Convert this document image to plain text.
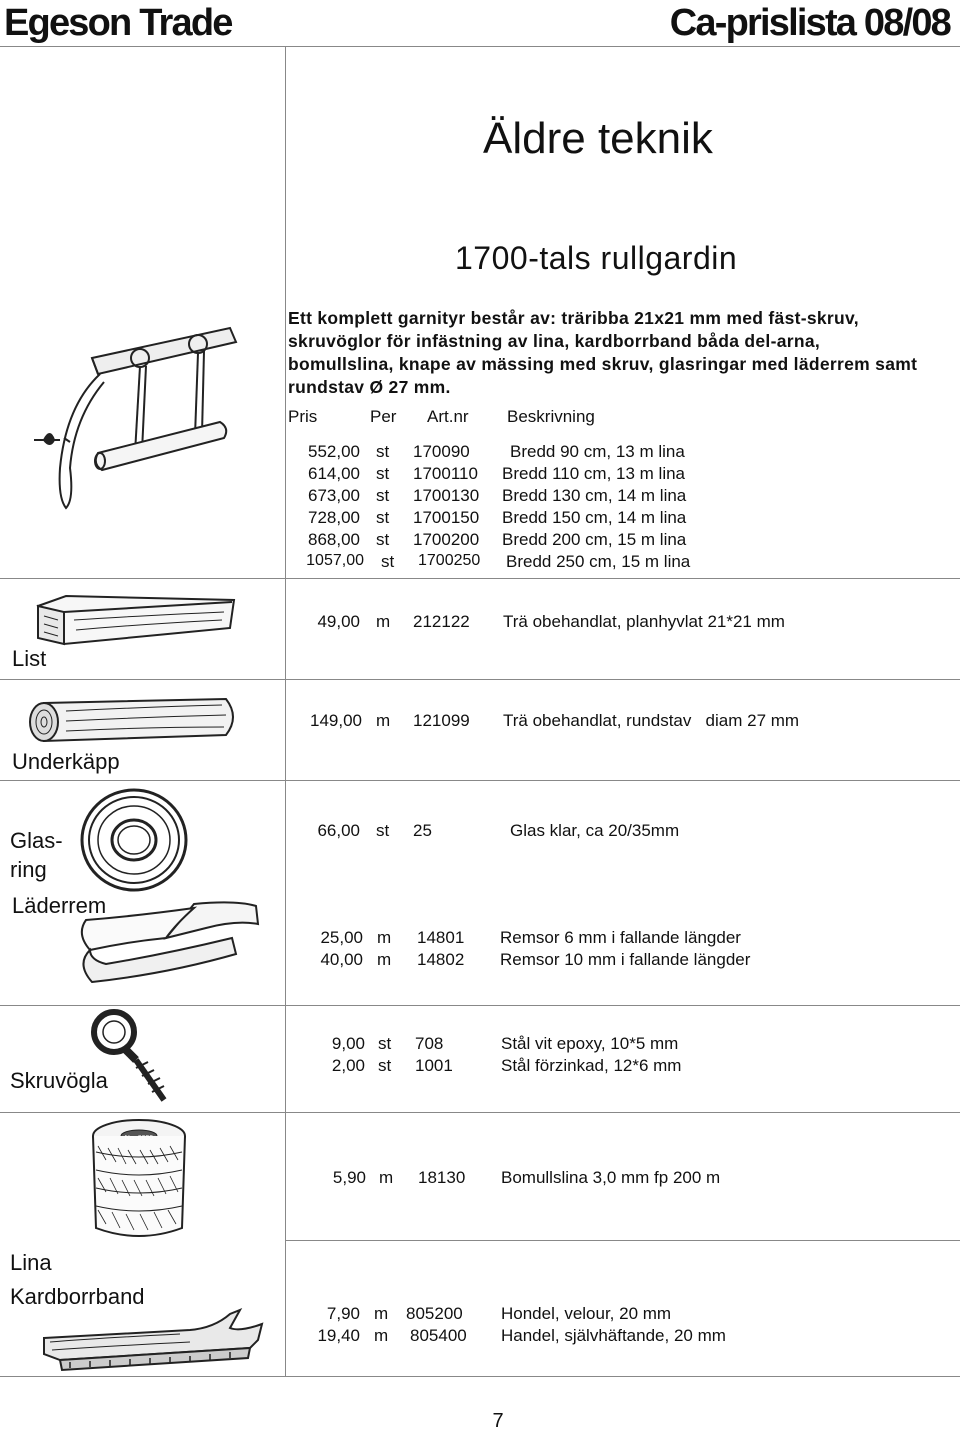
Egeson Trade	Ca-prislista 08/08
Äldre teknik
1700-tals rullgardin
Ett komplett garnityr består av: träribba 21x21 mm med fäst-skruv, skruvöglor för infästning av lina, kardborrband båda del-arna, bomullslina, knape av mässing med skruv, glasringar med läderrem samt rundstav Ø 27 mm.
Pris	Per Art.nr Beskrivning
552,00 st 170090 Bredd 90 cm, 13 m lina
614,00 st 1700110 Bredd 110 cm, 13 m lina
673,00 st 1700130 Bredd 130 cm, 14 m lina
728,00 st 1700150 Bredd 150 cm, 14 m lina
868,00 st 1700200 Bredd 200 cm, 15 m lina
1057,00 st 1700250 Bredd 250 cm, 15 m lina
List
49,00 m 212122 Trä obehandlat, planhyvlat 21*21 mm
Underkäpp
149,00 m 121099 Trä obehandlat, rundstav   diam 27 mm
Glas-
ring
66,00 st 25	Glas klar, ca 20/35mm
Läderrem
25,00 m 14801 Remsor 6 mm i fallande längder
40,00 m 14802 Remsor 10 mm i fallande längder
Skruvögla
9,00 st 708	Stål vit epoxy, 10*5 mm
2,00 st 1001	Stål förzinkad, 12*6 mm
Lina
5,90 m 18130 Bomullslina 3,0 mm fp 200 m
Kardborrband
7,90 m 805200 Hondel, velour, 20 mm
19,40 m 805400 Handel, självhäftande, 20 mm
No. 6620
7
